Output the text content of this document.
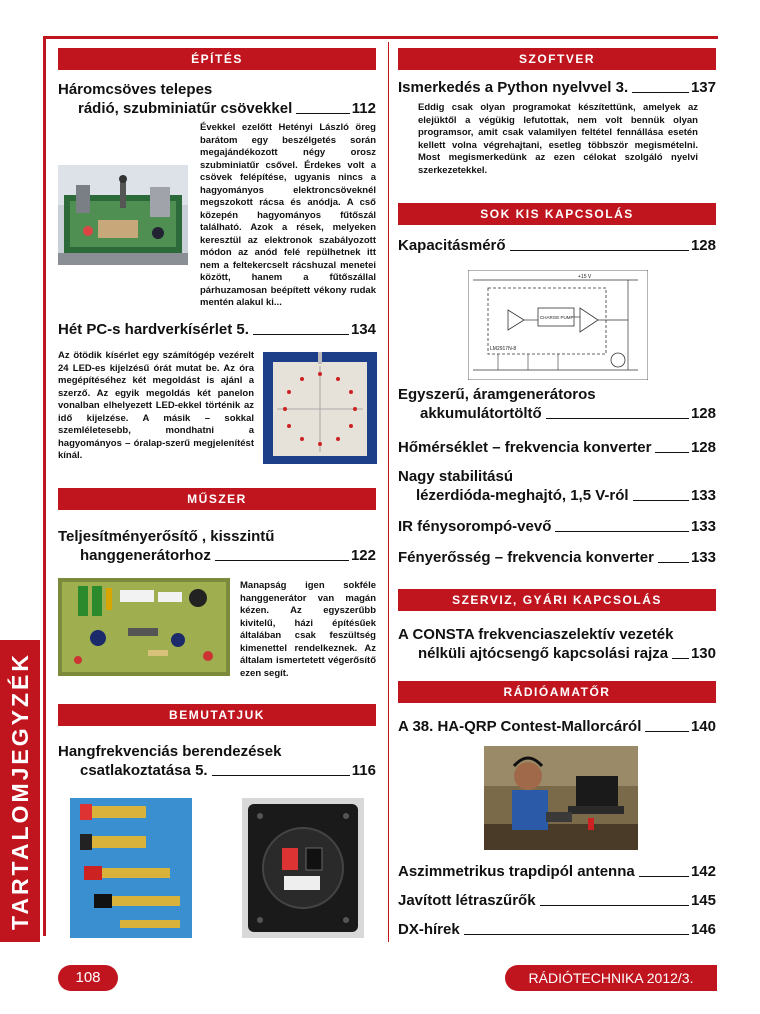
TARTALOMJEGYZÉK
ÉPÍTÉS
Háromcsöves telepes
rádió, szubminiatűr csövekkel	112
Évekkel ezelőtt Hetényi László öreg barátom egy beszélgetés során megajándékozott négy orosz szubminiatűr csővel. Érdekes volt a csövek felépítése, ugyanis nincs a hagyományos elektroncsöveknél megszokott rácsa és anódja. A cső közepén hagyományos fűtőszál található. Azok a rések, melyeken keresztül az elektronok szabályozott módon az anód felé repülhetnek itt nem a feltekercselt rácshuzal menetei között, hanem a fűtőszállal párhuzamosan beépített vékony rudak mentén alakul ki...
Hét PC-s hardverkísérlet 5.	134
Az ötödik kísérlet egy számítógép vezérelt 24 LED-es kijelzésű órát mutat be. Az óra megépítéséhez két megoldást is ajánl a szerző. Az egyik megoldás két panelon vonalban elhelyezett LED-ekkel történik az idő kijelzése. A másik – sokkal szemléletesebb, mondhatni a hagyományos – óralap-szerű megjelenítést kínál.
MŰSZER
Teljesítményerősítő , kisszintű
hanggenerátorhoz	122
Manapság igen sokféle hanggenerátor van magán kézen. Az egyszerűbb kivitelű, házi építésűek általában csak feszültség kimenettel rendelkeznek. Az általam ismertetett végerősítő ezen segít.
BEMUTATJUK
Hangfrekvenciás berendezések
csatlakoztatása 5.	116
SZOFTVER
Ismerkedés a Python nyelvvel 3.	137
Eddig csak olyan programokat készítettünk, amelyek az elejüktől a végükig lefutottak, nem volt bennük olyan programsor, amit csak valamilyen feltétel fennállása esetén kellett volna végrehajtani, esetleg többször megismételni. Most megismerkedünk az ezen célokat szolgáló nyelvi szerkezetekkel.
SOK KIS KAPCSOLÁS
Kapacitásmérő	128
+15 V
CHARGE PUMP
LM2917N-8
Egyszerű, áramgenerátoros
akkumulátortöltő	128
Hőmérséklet – frekvencia konverter	128
Nagy stabilitású
lézerdióda-meghajtó, 1,5 V-ról	133
IR fénysorompó-vevő	133
Fényerősség – frekvencia konverter 133
SZERVIZ, GYÁRI KAPCSOLÁS
A CONSTA frekvenciaszelektív vezeték
nélküli ajtócsengő kapcsolási rajza 130
RÁDIÓAMATŐR
A 38. HA-QRP Contest-Mallorcáról	140
Aszimmetrikus trapdipól antenna	142
Javított létraszűrők	145
DX-hírek	146
108	RÁDIÓTECHNIKA 2012/3.
